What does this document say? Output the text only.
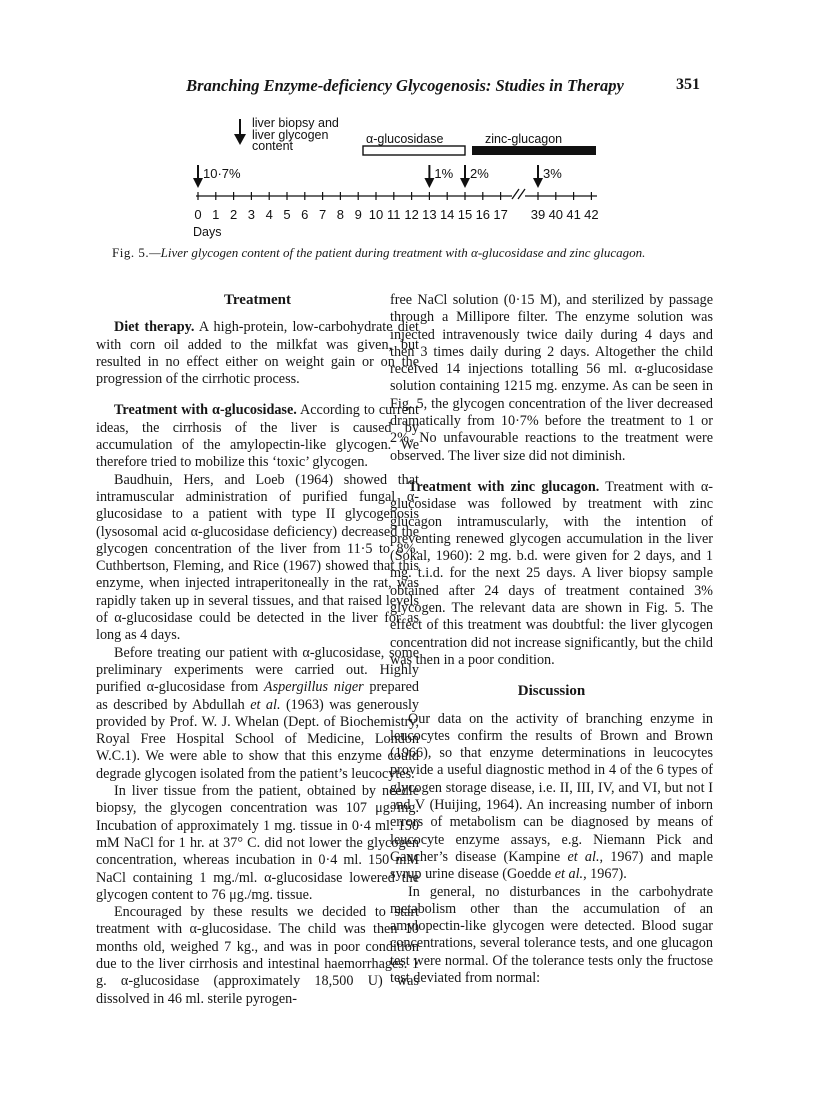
Branching Enzyme-deficiency Glycogenosis: Studies in Therapy	351
liver biopsy and
liver glycogen
content	α-glucosidase	zinc-glucagon
10·7%	1% 2%	3%
0 1 2 3 4 5 6 7 8 9 10 11 12 13 14 15 16 17 39 40 41 42
Days
Fig. 5.—Liver glycogen content of the patient during treatment with α-glucosidase and zinc glucagon.
Treatment

Diet therapy. A high-protein, low-carbohydrate diet with corn oil added to the milkfat was given, but resulted in no effect either on weight gain or on the progression of the cirrhotic process.

Treatment with α-glucosidase. According to current ideas, the cirrhosis of the liver is caused by accumulation of the amylopectin-like glycogen. We therefore tried to mobilize this ‘toxic’ glycogen.

Baudhuin, Hers, and Loeb (1964) showed that intramuscular administration of purified fungal α-glucosidase to a patient with type II glycogenosis (lysosomal acid α-glucosidase deficiency) decreased the glycogen concentration of the liver from 11·5 to 8%. Cuthbertson, Fleming, and Rice (1967) showed that this enzyme, when injected intraperitoneally in the rat, was rapidly taken up in several tissues, and that raised levels of α-glucosidase could be detected in the liver for as long as 4 days.

Before treating our patient with α-glucosidase, some preliminary experiments were carried out. Highly purified α-glucosidase from Aspergillus niger prepared as described by Abdullah et al. (1963) was generously provided by Prof. W. J. Whelan (Dept. of Biochemistry, Royal Free Hospital School of Medicine, London W.C.1). We were able to show that this enzyme could degrade glycogen isolated from the patient’s leucocytes.

In liver tissue from the patient, obtained by needle biopsy, the glycogen concentration was 107 μg./mg. Incubation of approximately 1 mg. tissue in 0·4 ml. 150 mM NaCl for 1 hr. at 37° C. did not lower the glycogen concentration, whereas incubation in 0·4 ml. 150 mM NaCl containing 1 mg./ml. α-glucosidase lowered the glycogen content to 76 μg./mg. tissue.

Encouraged by these results we decided to start treatment with α-glucosidase. The child was then 10 months old, weighed 7 kg., and was in poor condition due to the liver cirrhosis and intestinal haemorrhages. 1 g. α-glucosidase (approximately 18,500 U) was dissolved in 46 ml. sterile pyrogen-

free NaCl solution (0·15 M), and sterilized by passage through a Millipore filter. The enzyme solution was injected intravenously twice daily during 4 days and then 3 times daily during 2 days. Altogether the child received 14 injections totalling 56 ml. α-glucosidase solution containing 1215 mg. enzyme. As can be seen in Fig. 5, the glycogen concentration of the liver decreased dramatically from 10·7% before the treatment to 1 or 2%. No unfavourable reactions to the treatment were observed. The liver size did not diminish.

Treatment with zinc glucagon. Treatment with α-glucosidase was followed by treatment with zinc glucagon intramuscularly, with the intention of preventing renewed glycogen accumulation in the liver (Sokal, 1960): 2 mg. b.d. were given for 2 days, and 1 mg. t.i.d. for the next 25 days. A liver biopsy sample obtained after 24 days of treatment contained 3% glycogen. The relevant data are shown in Fig. 5. The effect of this treatment was doubtful: the liver glycogen concentration did not increase significantly, but the child was then in a poor condition.

Discussion

Our data on the activity of branching enzyme in leucocytes confirm the results of Brown and Brown (1966), so that enzyme determinations in leucocytes provide a useful diagnostic method in 4 of the 6 types of glycogen storage disease, i.e. II, III, IV, and VI, but not I and V (Huijing, 1964). An increasing number of inborn errors of metabolism can be diagnosed by means of leucocyte enzyme assays, e.g. Niemann Pick and Gaucher’s disease (Kampine et al., 1967) and maple syrup urine disease (Goedde et al., 1967).

In general, no disturbances in the carbohydrate metabolism other than the accumulation of an amylopectin-like glycogen were detected. Blood sugar concentrations, several tolerance tests, and one glucagon test were normal. Of the tolerance tests only the fructose test deviated from normal:
